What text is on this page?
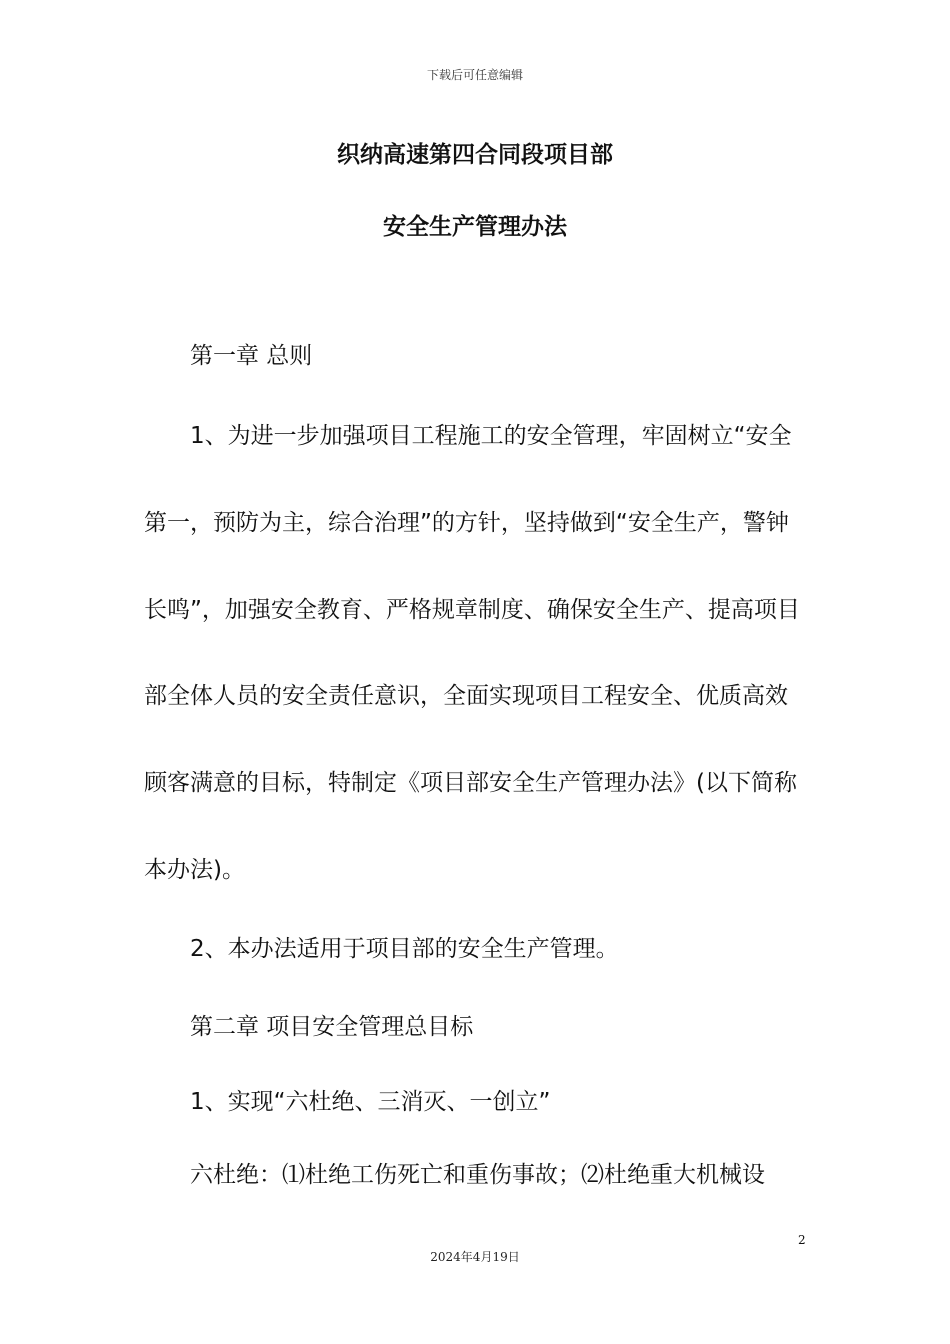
下载后可任意编辑
织纳高速第四合同段项目部
安全生产管理办法
第一章 总则
1、为进一步加强项目工程施工的安全管理，牢固树立“安全
第一，预防为主，综合治理”的方针，坚持做到“安全生产，警钟
长鸣”，加强安全教育、严格规章制度、确保安全生产、提高项目
部全体人员的安全责任意识，全面实现项目工程安全、优质高效
顾客满意的目标，特制定《项目部安全生产管理办法》(以下简称
本办法)。
2、本办法适用于项目部的安全生产管理。
第二章 项目安全管理总目标
1、实现“六杜绝、三消灭、一创立”
六杜绝：⑴杜绝工伤死亡和重伤事故；⑵杜绝重大机械设
2
2024年4月19日
